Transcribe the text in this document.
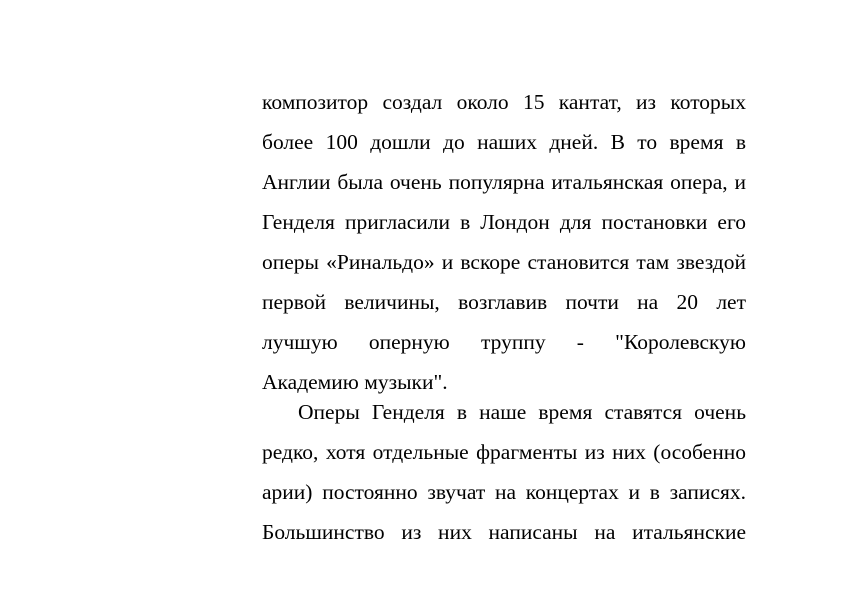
композитор создал около 15 кантат, из которых
более 100 дошли до наших дней. В то время в
Англии была очень популярна итальянская опера, и
Генделя пригласили в Лондон для постановки его
оперы «Ринальдо» и вскоре становится там звездой
первой величины, возглавив почти на 20 лет
лучшую оперную труппу - "Королевскую
Академию музыки".
Оперы Генделя в наше время ставятся очень
редко, хотя отдельные фрагменты из них (особенно
арии) постоянно звучат на концертах и в записях.
Большинство из них написаны на итальянские
